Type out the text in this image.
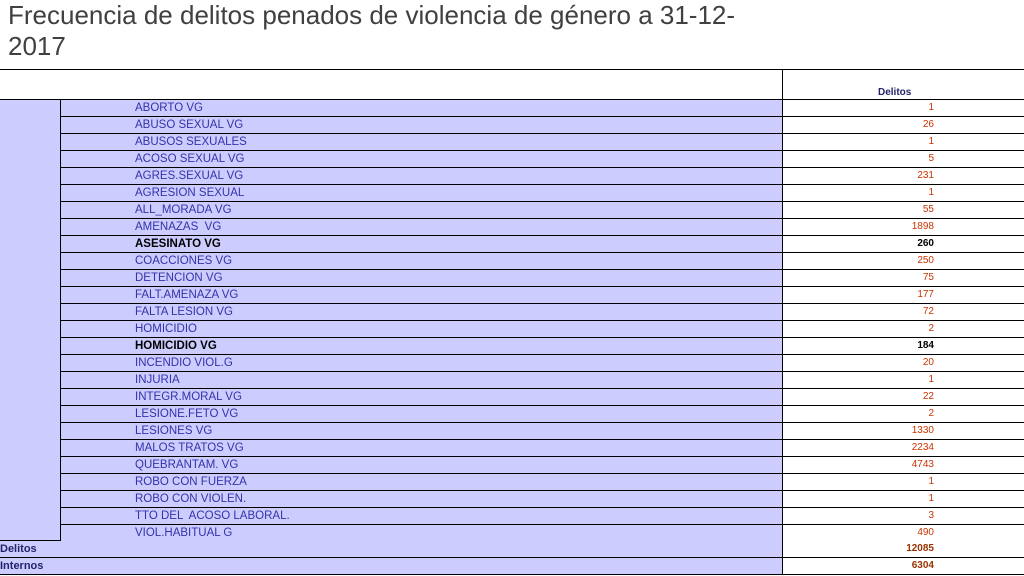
Frecuencia de delitos penados de violencia de género a 31-12-2017
Delitos
ABORTO VG	1
ABUSO SEXUAL VG	26
ABUSOS SEXUALES	1
ACOSO SEXUAL VG	5
AGRES.SEXUAL VG	231
AGRESION SEXUAL	1
ALL_MORADA VG	55
AMENAZAS  VG	1898
ASESINATO VG	260
COACCIONES VG	250
DETENCION VG	75
FALT.AMENAZA VG	177
FALTA LESION VG	72
HOMICIDIO	2
HOMICIDIO VG	184
INCENDIO VIOL.G	20
INJURIA	1
INTEGR.MORAL VG	22
LESIONE.FETO VG	2
LESIONES VG	1330
MALOS TRATOS VG	2234
QUEBRANTAM. VG	4743
ROBO CON FUERZA	1
ROBO CON VIOLEN.	1
TTO DEL  ACOSO LABORAL.	3
VIOL.HABITUAL G	490
Delitos	12085
Internos	6304
